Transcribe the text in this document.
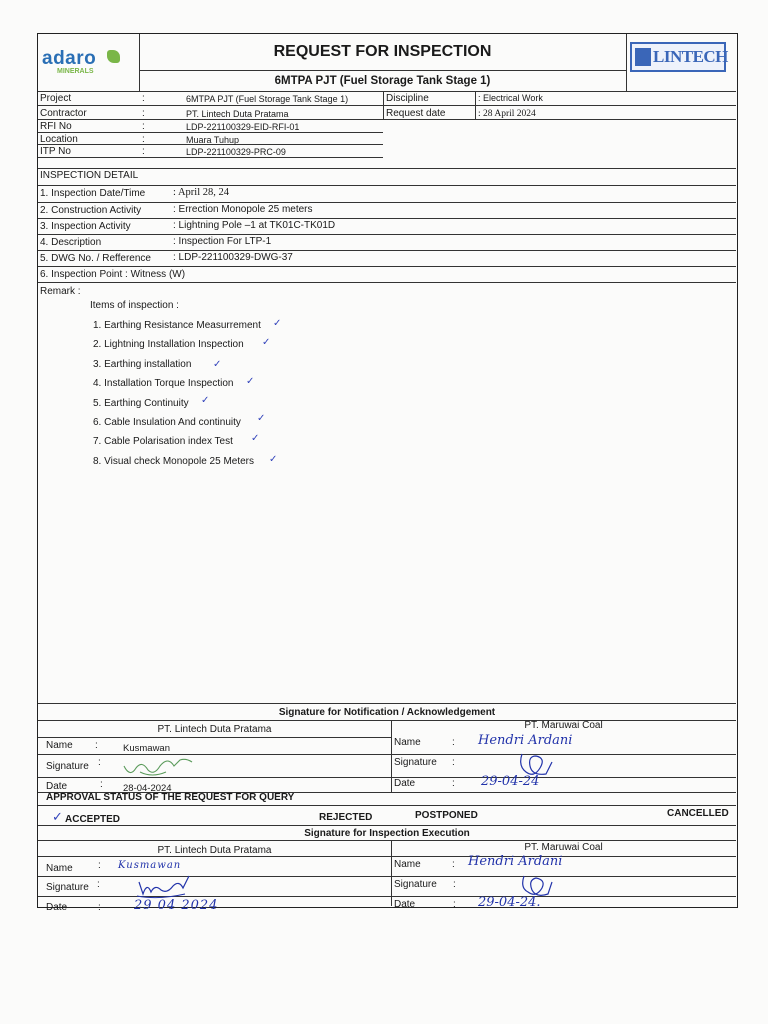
adaro
MINERALS
REQUEST FOR INSPECTION
6MTPA PJT (Fuel Storage Tank Stage 1)
LINTECH
Project	:	6MTPA PJT (Fuel Storage Tank Stage 1)
Contractor	:	PT. Lintech Duta Pratama
RFI No	:	LDP-221100329-EID-RFI-01
Location	:	Muara Tuhup
ITP No	:	LDP-221100329-PRC-09
Discipline	: Electrical Work
Request date	: 28 April 2024
INSPECTION DETAIL
1. Inspection Date/Time	: April 28, 24
2. Construction Activity	: Errection Monopole 25 meters
3. Inspection Activity	: Lightning Pole –1 at TK01C-TK01D
4. Description	: Inspection For LTP-1
5. DWG No. / Refference : LDP-221100329-DWG-37
6. Inspection Point : Witness (W)
Remark :
Items of inspection :
1. Earthing Resistance Measurrement ✓
2. Lightning Installation Inspection ✓
3. Earthing installation ✓
4. Installation Torque Inspection ✓
5. Earthing Continuity ✓
6. Cable Insulation And continuity ✓
7. Cable Polarisation index Test ✓
8. Visual check Monopole 25 Meters ✓
Signature for Notification / Acknowledgement
PT. Lintech Duta Pratama	PT. Maruwai Coal
Name :	Kusmawan
Signature :
Date	: 28-04-2024
Name	: Hendri Ardani
Signature :
Date	: 29-04-24
APPROVAL STATUS OF THE REQUEST FOR QUERY
✓ ACCEPTED	REJECTED	POSTPONED	CANCELLED
Signature for Inspection Execution
PT. Lintech Duta Pratama	PT. Maruwai Coal
Name	: Kusmawan
Signature :
Date	:	29 04 2024
Name	: Hendri Ardani
Signature :
Date	: 29-04-24.
